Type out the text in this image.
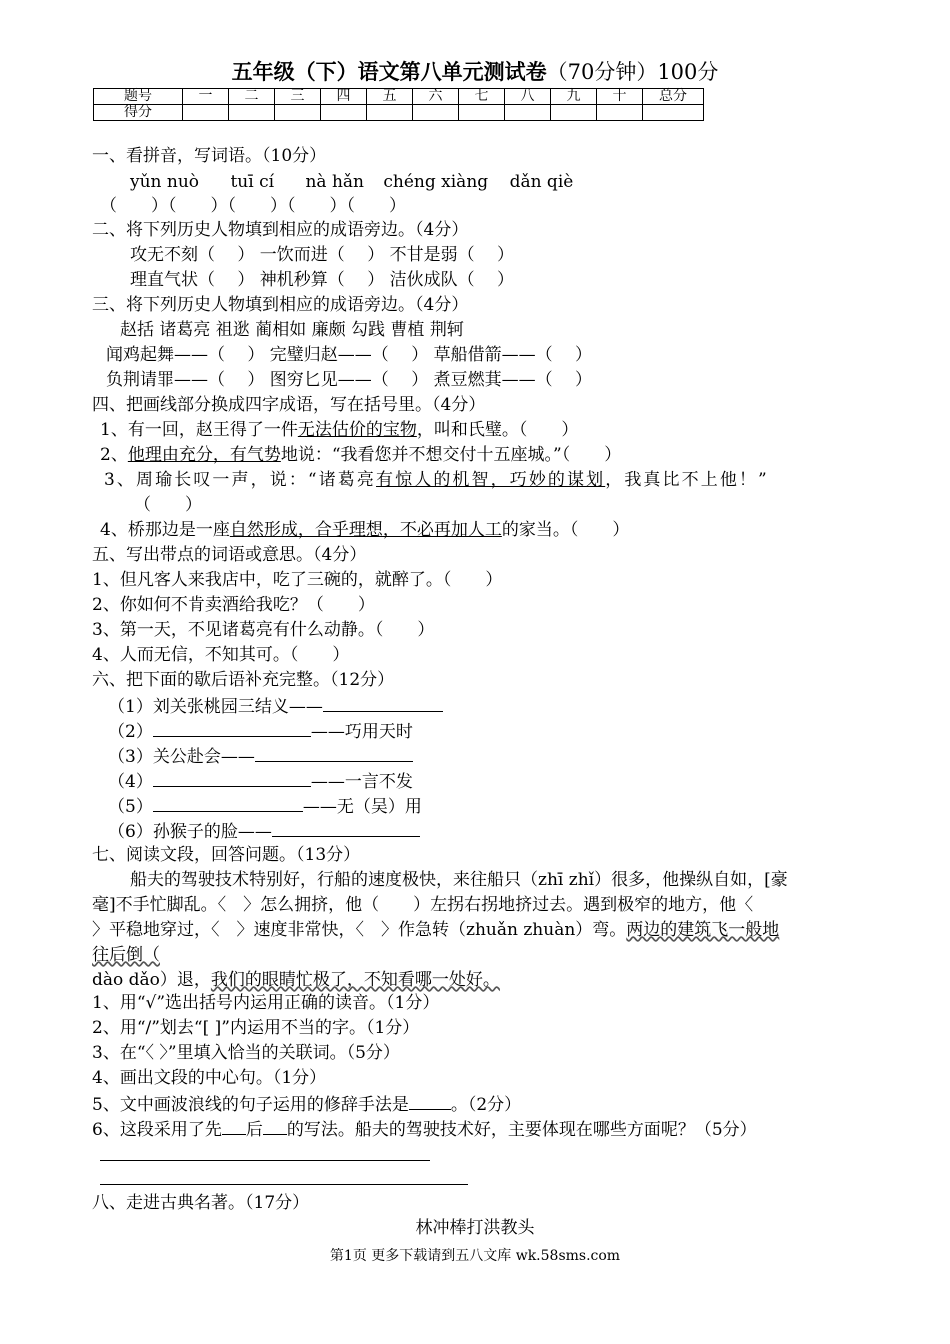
五年级（下）语文第八单元测试卷（70分钟）100分
题号	一	二	三	四	五	六	七	八	九	十	总分
得分											
一、看拼音，写词语。（10分）
yǔn nuò tuī cí nà hǎn chéng xiàng dǎn qiè
（　　）（　　）（　　）（　　）（　　）
二、将下列历史人物填到相应的成语旁边。（4分）
攻无不刻（　 ） 一饮而进（　 ） 不甘是弱（　 ）
理直气状（　 ） 神机秒算（　 ） 洁伙成队（　 ）
三、将下列历史人物填到相应的成语旁边。（4分）
赵括 诸葛亮 祖逖 蔺相如 廉颇 勾践 曹植 荆轲
闻鸡起舞——（　 ） 完璧归赵——（　 ） 草船借箭——（　 ）
负荆请罪——（　 ） 图穷匕见——（　 ） 煮豆燃萁——（　 ）
四、把画线部分换成四字成语，写在括号里。（4分）
1、有一回，赵王得了一件无法估价的宝物，叫和氏璧。（　　）
2、他理由充分，有气势地说：“我看您并不想交付十五座城。”（　　）
3、周瑜长叹一声，说：“诸葛亮有惊人的机智，巧妙的谋划，我真比不上他！”
（　　）
4、桥那边是一座自然形成，合乎理想，不必再加人工的家当。（　　）
五、写出带点的词语或意思。（4分）
1、但凡客人来我店中，吃了三碗的，就醉了。（　　）
2、你如何不肯卖酒给我吃？（　　）
3、第一天，不见诸葛亮有什么动静。（　　）
4、人而无信，不知其可。（　　）
六、把下面的歇后语补充完整。（12分）
（1）刘关张桃园三结义——
（2）	——巧用天时
（3）关公赴会——
（4）	——一言不发
（5）	——无（吴）用
（6）孙猴子的脸——
七、阅读文段，回答问题。（13分）
船夫的驾驶技术特别好，行船的速度极快，来往船只（zhī zhǐ）很多，他操纵自如，[豪
毫]不手忙脚乱。〈　〉怎么拥挤，他（　　）左拐右拐地挤过去。遇到极窄的地方，他〈
〉平稳地穿过，〈　〉速度非常快，〈　〉作急转（zhuǎn zhuàn）弯。两边的建筑飞一般地
往后倒（
dào dǎo）退，我们的眼睛忙极了，不知看哪一处好。
1、用“√”选出括号内运用正确的读音。（1分）
2、用“/”划去“[ ]”内运用不当的字。（1分）
3、在“〈 〉”里填入恰当的关联词。（5分）
4、画出文段的中心句。（1分）
5、文中画波浪线的句子运用的修辞手法是 。（2分）
6、这段采用了先 后 的写法。船夫的驾驶技术好，主要体现在哪些方面呢？（5分）
八、走进古典名著。（17分）
林冲棒打洪教头
第1页 更多下载请到五八文库 wk.58sms.com
